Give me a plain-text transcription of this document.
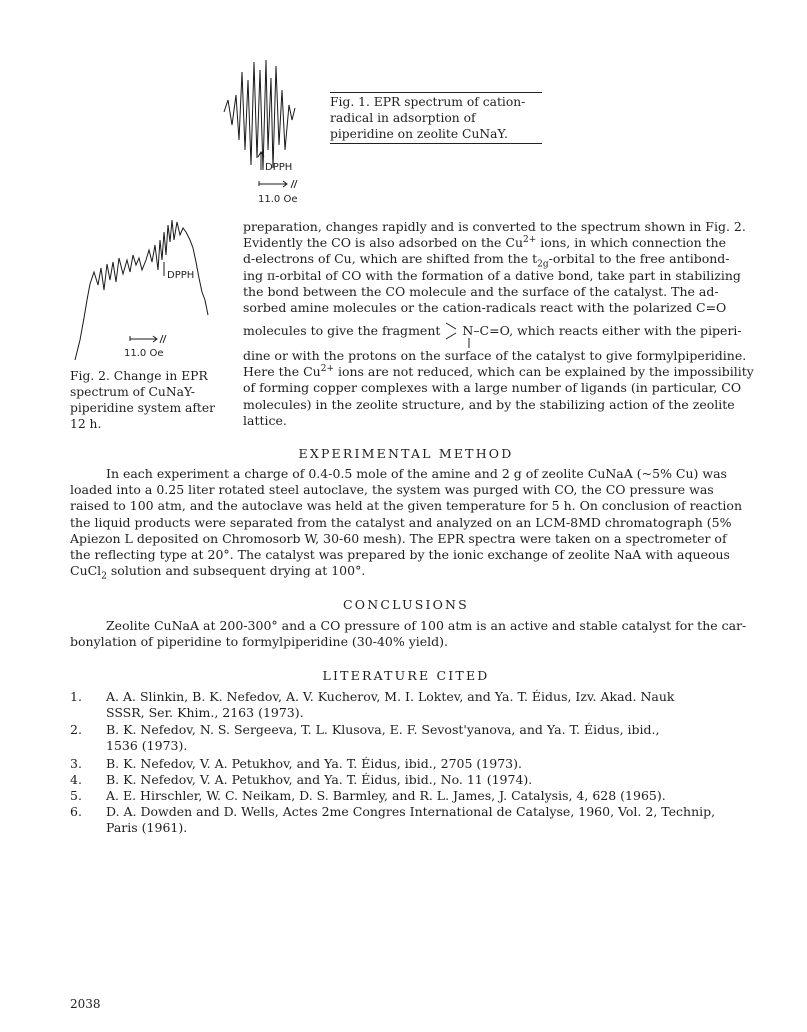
DPPH
11.0 Oe
Fig. 1. EPR spectrum of cation-radical in adsorption of piperidine on zeolite CuNaY.
DPPH
11.0 Oe
Fig. 2. Change in EPR spectrum of CuNaY-piperidine system after 12 h.
preparation, changes rapidly and is converted to the spectrum shown in Fig. 2.
Evidently the CO is also adsorbed on the $Cu^{2+}$ ions, in which connection the
d-electrons of Cu, which are shifted from the $t_{2g}$-orbital to the free antibond-
ing π-orbital of CO with the formation of a dative bond, take part in stabilizing
the bond between the CO molecule and the surface of the catalyst. The ad-
sorbed amine molecules or the cation-radicals react with the polarized C=O
molecules to give the fragment N–C=O, which reacts either with the piperi-
dine or with the protons on the surface of the catalyst to give formylpiperidine.
Here the $Cu^{2+}$ ions are not reduced, which can be explained by the impossibility
of forming copper complexes with a large number of ligands (in particular, CO
molecules) in the zeolite structure, and by the stabilizing action of the zeolite
lattice.
EXPERIMENTAL METHOD
In each experiment a charge of 0.4-0.5 mole of the amine and 2 g of zeolite CuNaA (~5% Cu) was
loaded into a 0.25 liter rotated steel autoclave, the system was purged with CO, the CO pressure was
raised to 100 atm, and the autoclave was held at the given temperature for 5 h. On conclusion of reaction
the liquid products were separated from the catalyst and analyzed on an LCM-8MD chromatograph (5%
Apiezon L deposited on Chromosorb W, 30-60 mesh). The EPR spectra were taken on a spectrometer of
the reflecting type at 20°. The catalyst was prepared by the ionic exchange of zeolite NaA with aqueous
CuCl$_2$ solution and subsequent drying at 100°.
CONCLUSIONS
Zeolite CuNaA at 200-300° and a CO pressure of 100 atm is an active and stable catalyst for the car-
bonylation of piperidine to formylpiperidine (30-40% yield).
LITERATURE CITED
1. A. A. Slinkin, B. K. Nefedov, A. V. Kucherov, M. I. Loktev, and Ya. T. Éidus, Izv. Akad. Nauk
SSSR, Ser. Khim., 2163 (1973).
2. B. K. Nefedov, N. S. Sergeeva, T. L. Klusova, E. F. Sevost'yanova, and Ya. T. Éidus, ibid.,
1536 (1973).
3. B. K. Nefedov, V. A. Petukhov, and Ya. T. Éidus, ibid., 2705 (1973).
4. B. K. Nefedov, V. A. Petukhov, and Ya. T. Éidus, ibid., No. 11 (1974).
5. A. E. Hirschler, W. C. Neikam, D. S. Barmley, and R. L. James, J. Catalysis, 4, 628 (1965).
6. D. A. Dowden and D. Wells, Actes 2me Congres International de Catalyse, 1960, Vol. 2, Technip,
Paris (1961).
2038
